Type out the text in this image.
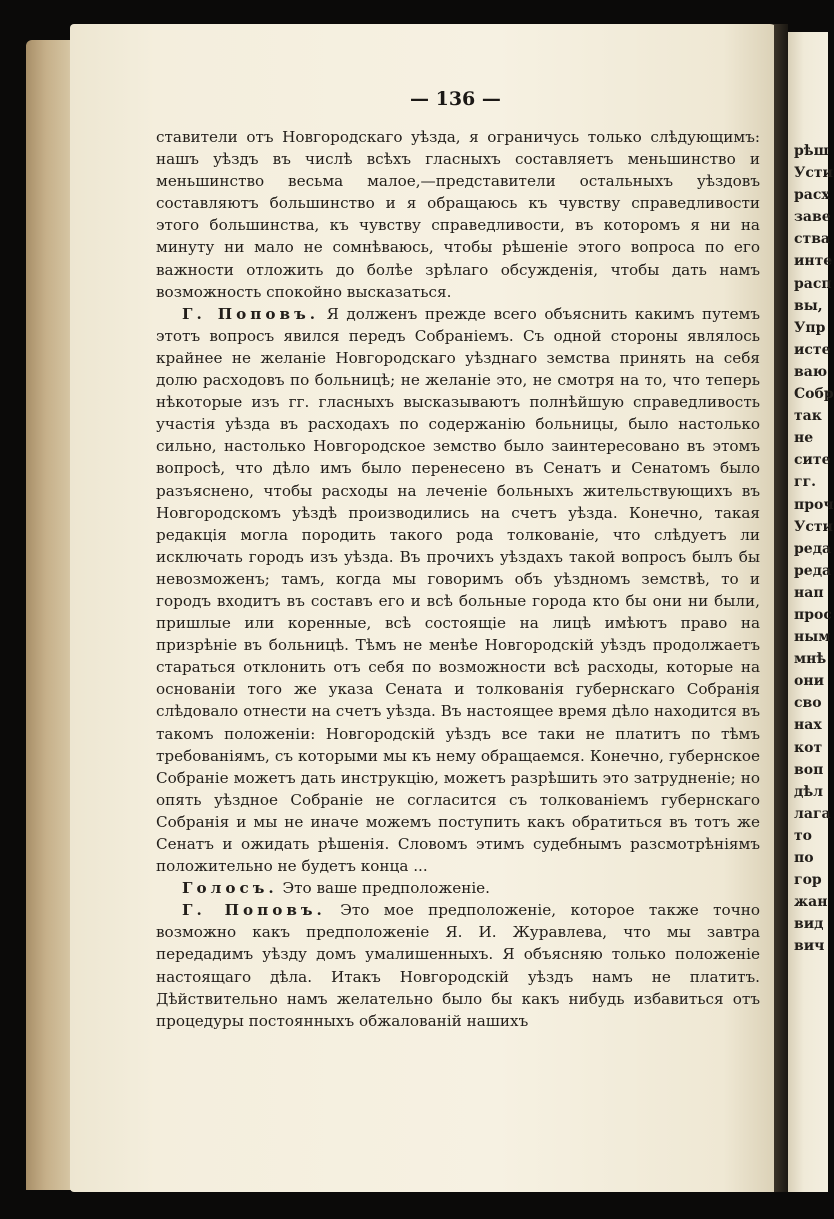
— 136 —

ставители отъ Новгородскаго уѣзда, я ограничусь только слѣдующимъ: нашъ уѣздъ въ числѣ всѣхъ гласныхъ составляетъ меньшинство и меньшинство весьма малое,—представители остальныхъ уѣздовъ составляютъ большинство и я обращаюсь къ чувству справедливости этого большинства, къ чувству справедливости, въ которомъ я ни на минуту ни мало не сомнѣваюсь, чтобы рѣшеніе этого вопроса по его важности отложить до болѣе зрѣлаго обсужденія, чтобы дать намъ возможность спокойно высказаться.

Г. Поповъ. Я долженъ прежде всего объяснить какимъ путемъ этотъ вопросъ явился передъ Собраніемъ. Съ одной стороны являлось крайнее не желаніе Новгородскаго уѣзднаго земства принять на себя долю расходовъ по больницѣ; не желаніе это, не смотря на то, что теперь нѣкоторые изъ гг. гласныхъ высказываютъ полнѣйшую справедливость участія уѣзда въ расходахъ по содержанію больницы, было настолько сильно, настолько Новгородское земство было заинтересовано въ этомъ вопросѣ, что дѣло имъ было перенесено въ Сенатъ и Сенатомъ было разъяснено, чтобы расходы на леченіе больныхъ жительствующихъ въ Новгородскомъ уѣздѣ производились на счетъ уѣзда. Конечно, такая редакція могла породить такого рода толкованіе, что слѣдуетъ ли исключать городъ изъ уѣзда. Въ прочихъ уѣздахъ такой вопросъ былъ бы невозможенъ; тамъ, когда мы говоримъ объ уѣздномъ земствѣ, то и городъ входитъ въ составъ его и всѣ больные города кто бы они ни были, пришлые или коренные, всѣ состоящіе на лицѣ имѣютъ право на призрѣніе въ больницѣ. Тѣмъ не менѣе Новгородскій уѣздъ продолжаетъ стараться отклонить отъ себя по возможности всѣ расходы, которые на основаніи того же указа Сената и толкованія губернскаго Собранія слѣдовало отнести на счетъ уѣзда. Въ настоящее время дѣло находится въ такомъ положеніи: Новгородскій уѣздъ все таки не платитъ по тѣмъ требованіямъ, съ которыми мы къ нему обращаемся. Конечно, губернское Собраніе можетъ дать инструкцію, можетъ разрѣшить это затрудненіе; но опять уѣздное Собраніе не согласится съ толкованіемъ губернскаго Собранія и мы не иначе можемъ поступить какъ обратиться въ тотъ же Сенатъ и ожидать рѣшенія. Словомъ этимъ судебнымъ разсмотрѣніямъ положительно не будетъ конца ...

Голосъ. Это ваше предположеніе.

Г. Поповъ. Это мое предположеніе, которое также точно возможно какъ предположеніе Я. И. Журавлева, что мы завтра передадимъ уѣзду домъ умалишенныхъ. Я объясняю только положеніе настоящаго дѣла. Итакъ Новгородскій уѣздъ намъ не платитъ. Дѣйствительно намъ желательно было бы какъ нибудь избавиться отъ процедуры постоянныхъ обжалованій нашихъ

рѣш
Усти
расх
заве
ства
инте
расп
вы,
Упр
исте
ваю
Собр
так
не
сите
гг.
проч
Усти
реда
реда
нап
прос
ным
мнѣ
они
сво
нах
кот
воп
дѣл
лага
то
по
гор
жан
вид
вич
